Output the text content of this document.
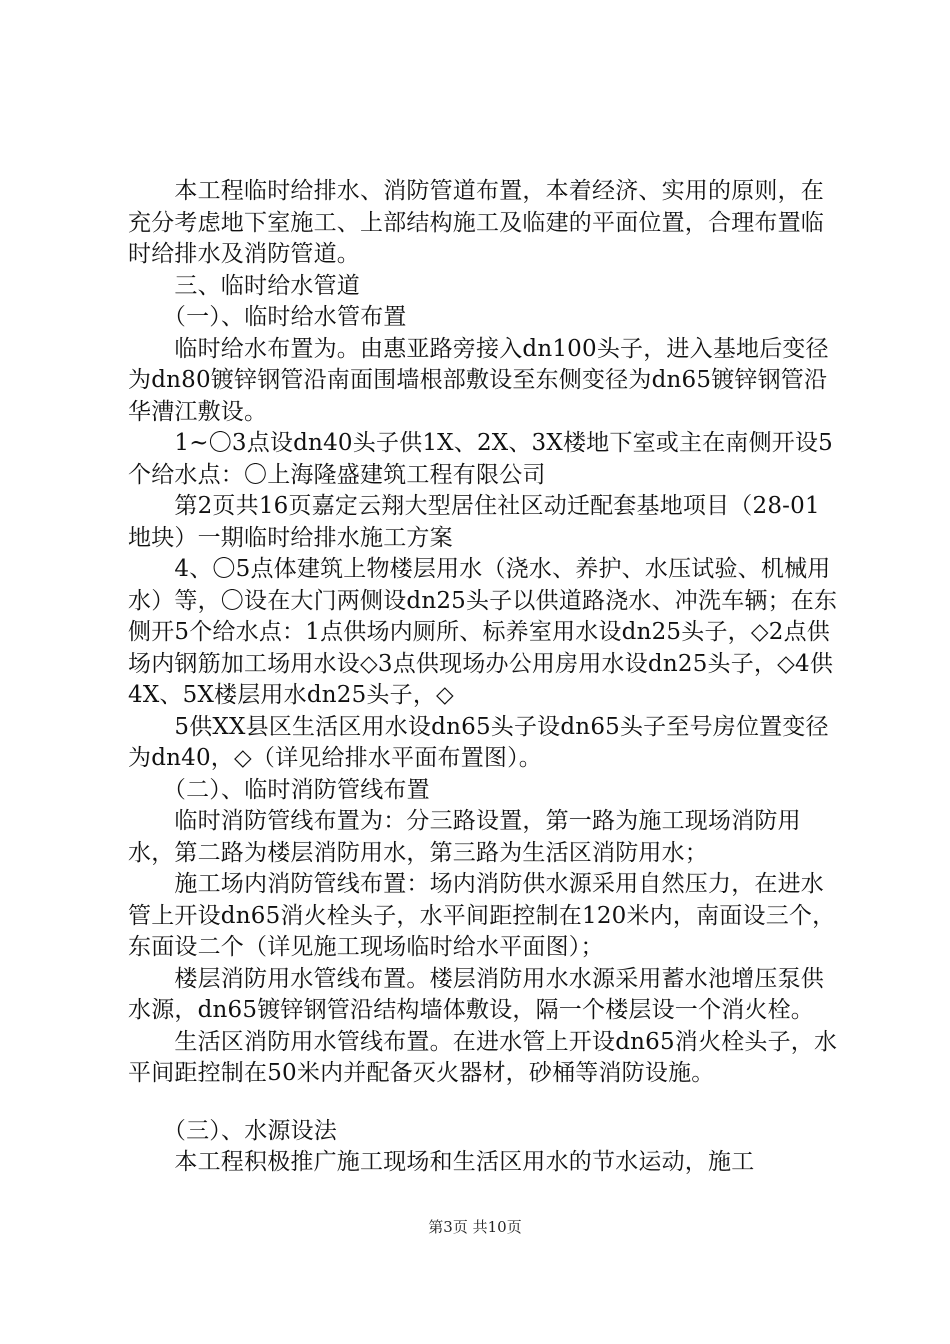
　　本工程临时给排水、消防管道布置，本着经济、实用的原则，在充分考虑地下室施工、上部结构施工及临建的平面位置，合理布置临时给排水及消防管道。

　　三、临时给水管道

　　（一）、临时给水管布置

　　临时给水布置为。由惠亚路旁接入dn100头子，进入基地后变径为dn80镀锌钢管沿南面围墙根部敷设至东侧变径为dn65镀锌钢管沿华漕江敷设。

　　1~〇3点设dn40头子供1X、2X、3X楼地下室或主在南侧开设5个给水点：〇上海隆盛建筑工程有限公司

　　第2页共16页嘉定云翔大型居住社区动迁配套基地项目（28-01地块）一期临时给排水施工方案

　　4、〇5点体建筑上物楼层用水（浇水、养护、水压试验、机械用水）等，〇设在大门两侧设dn25头子以供道路浇水、冲洗车辆；在东侧开5个给水点：1点供场内厕所、标养室用水设dn25头子，◇2点供场内钢筋加工场用水设◇3点供现场办公用房用水设dn25头子，◇4供4X、5X楼层用水dn25头子，◇

　　5供XX县区生活区用水设dn65头子设dn65头子至号房位置变径为dn40，◇（详见给排水平面布置图）。

　　（二）、临时消防管线布置

　　临时消防管线布置为：分三路设置，第一路为施工现场消防用水，第二路为楼层消防用水，第三路为生活区消防用水；

　　施工场内消防管线布置：场内消防供水源采用自然压力，在进水管上开设dn65消火栓头子，水平间距控制在120米内，南面设三个，东面设二个（详见施工现场临时给水平面图）；

　　楼层消防用水管线布置。楼层消防用水水源采用蓄水池增压泵供水源，dn65镀锌钢管沿结构墙体敷设，隔一个楼层设一个消火栓。

　　生活区消防用水管线布置。在进水管上开设dn65消火栓头子，水平间距控制在50米内并配备灭火器材，砂桶等消防设施。

　　（三）、水源设法

　　本工程积极推广施工现场和生活区用水的节水运动，施工

第3页 共10页
